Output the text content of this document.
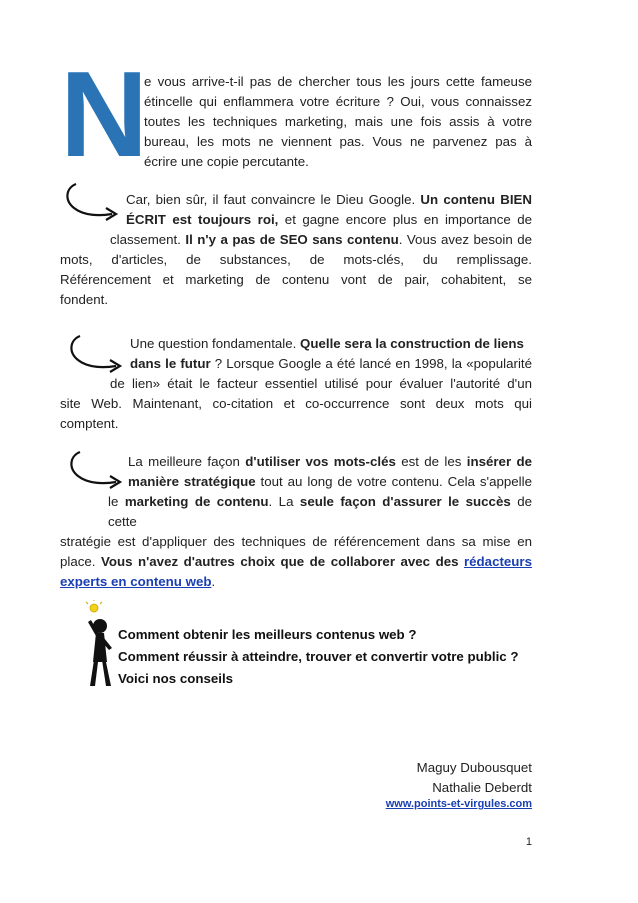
N
e vous arrive-t-il pas de chercher tous les jours cette fameuse
étincelle qui enflammera votre écriture ? Oui, vous connaissez
toutes les techniques marketing, mais une fois assis à votre
bureau, les mots ne viennent pas. Vous ne parvenez pas à
écrire une copie percutante.
Car, bien sûr, il faut convaincre le Dieu Google. Un contenu BIEN
ÉCRIT est toujours roi, et gagne encore plus en importance de
classement. Il n'y a pas de SEO sans contenu. Vous avez besoin de
mots, d'articles, de substances, de mots-clés, du remplissage.
Référencement et marketing de contenu vont de pair, cohabitent, se
fondent.
Une question fondamentale. Quelle sera la construction de liens
dans le futur ? Lorsque Google a été lancé en 1998, la «popularité
de lien» était le facteur essentiel utilisé pour évaluer l'autorité d'un
site Web. Maintenant, co-citation et co-occurrence sont deux mots qui
comptent.
La meilleure façon d'utiliser vos mots-clés est de les insérer de
manière stratégique tout au long de votre contenu. Cela s'appelle
le marketing de contenu. La seule façon d'assurer le succès de cette
stratégie est d'appliquer des techniques de référencement dans sa mise en
place. Vous n'avez d'autres choix que de collaborer avec des rédacteurs
experts en contenu web.
Comment obtenir les meilleurs contenus web ?
Comment réussir à atteindre, trouver et convertir votre public ?
Voici nos conseils
Maguy Dubousquet
Nathalie Deberdt
www.points-et-virgules.com
1
